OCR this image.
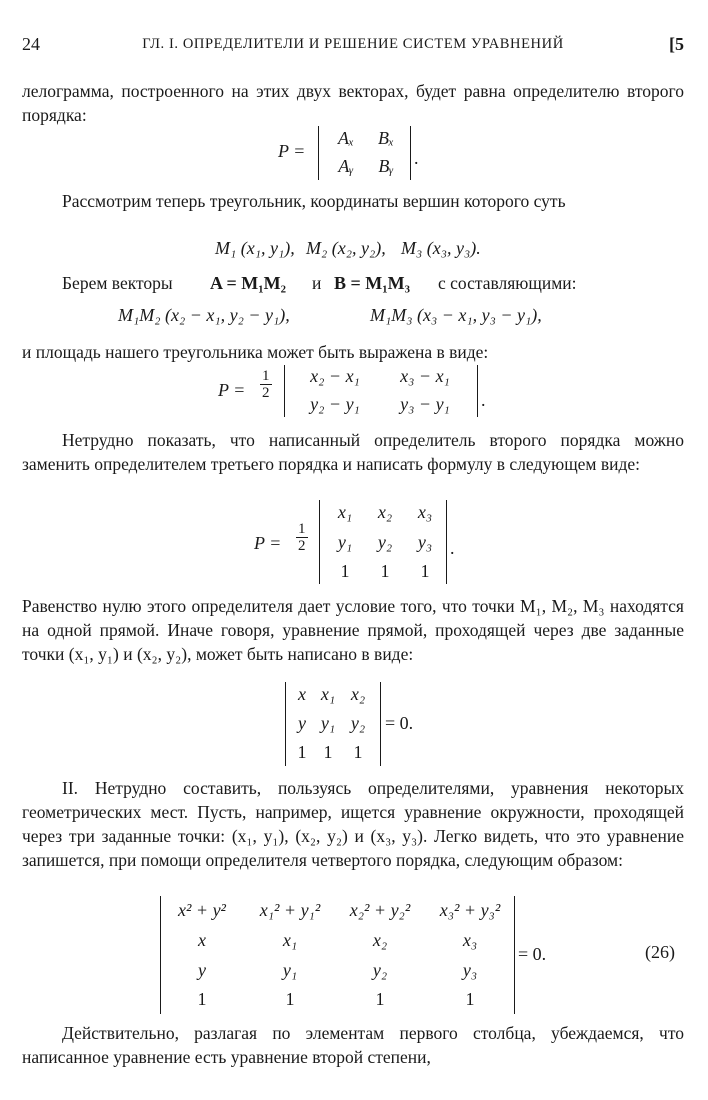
24	ГЛ. I. ОПРЕДЕЛИТЕЛИ И РЕШЕНИЕ СИСТЕМ УРАВНЕНИЙ	[5
лелограмма, построенного на этих двух векторах, будет равна определителю второго порядка:
P =
Aₓ	Bₓ
Aᵧ	Bᵧ	.
Рассмотрим теперь треугольник, координаты вершин которого суть
M₁ (x₁, y₁), M₂ (x₂, y₂), M₃ (x₃, y₃).
Берем векторы A = M₁M₂ и B = M₁M₃ с составляющими:
M₁M₂ (x₂ − x₁, y₂ − y₁),	M₁M₃ (x₃ − x₁, y₃ − y₁),
и площадь нашего треугольника может быть выражена в виде:
$P = \frac{1}{2}$	x₂ − x₁	x₃ − x₁
y₂ − y₁	y₃ − y₁	.
Нетрудно показать, что написанный определитель второго порядка можно заменить определителем третьего порядка и написать формулу в следующем виде:
$P = \frac{1}{2}$
x₁	x₂	x₃
y₁	y₂	y₃
1	1	1
.
Равенство нулю этого определителя дает условие того, что точки M₁, M₂, M₃ находятся на одной прямой. Иначе говоря, уравнение прямой, проходящей через две заданные точки (x₁, y₁) и (x₂, y₂), может быть написано в виде:
x x₁ x₂
y y₁ y₂
1 1	1
= 0.
II. Нетрудно составить, пользуясь определителями, уравнения некоторых геометрических мест. Пусть, например, ищется уравнение окружности, проходящей через три заданные точки: (x₁, y₁), (x₂, y₂) и (x₃, y₃). Легко видеть, что это уравнение запишется, при помощи определителя четвертого порядка, следующим образом:
x² + y²	x₁² + y₁²	x₂² + y₂²	x₃² + y₃²
x	x₁	x₂	x₃
y	y₁	y₂	y₃
1	1	1	1
= 0.	(26)
Действительно, разлагая по элементам первого столбца, убеждаемся, что написанное уравнение есть уравнение второй степени,
